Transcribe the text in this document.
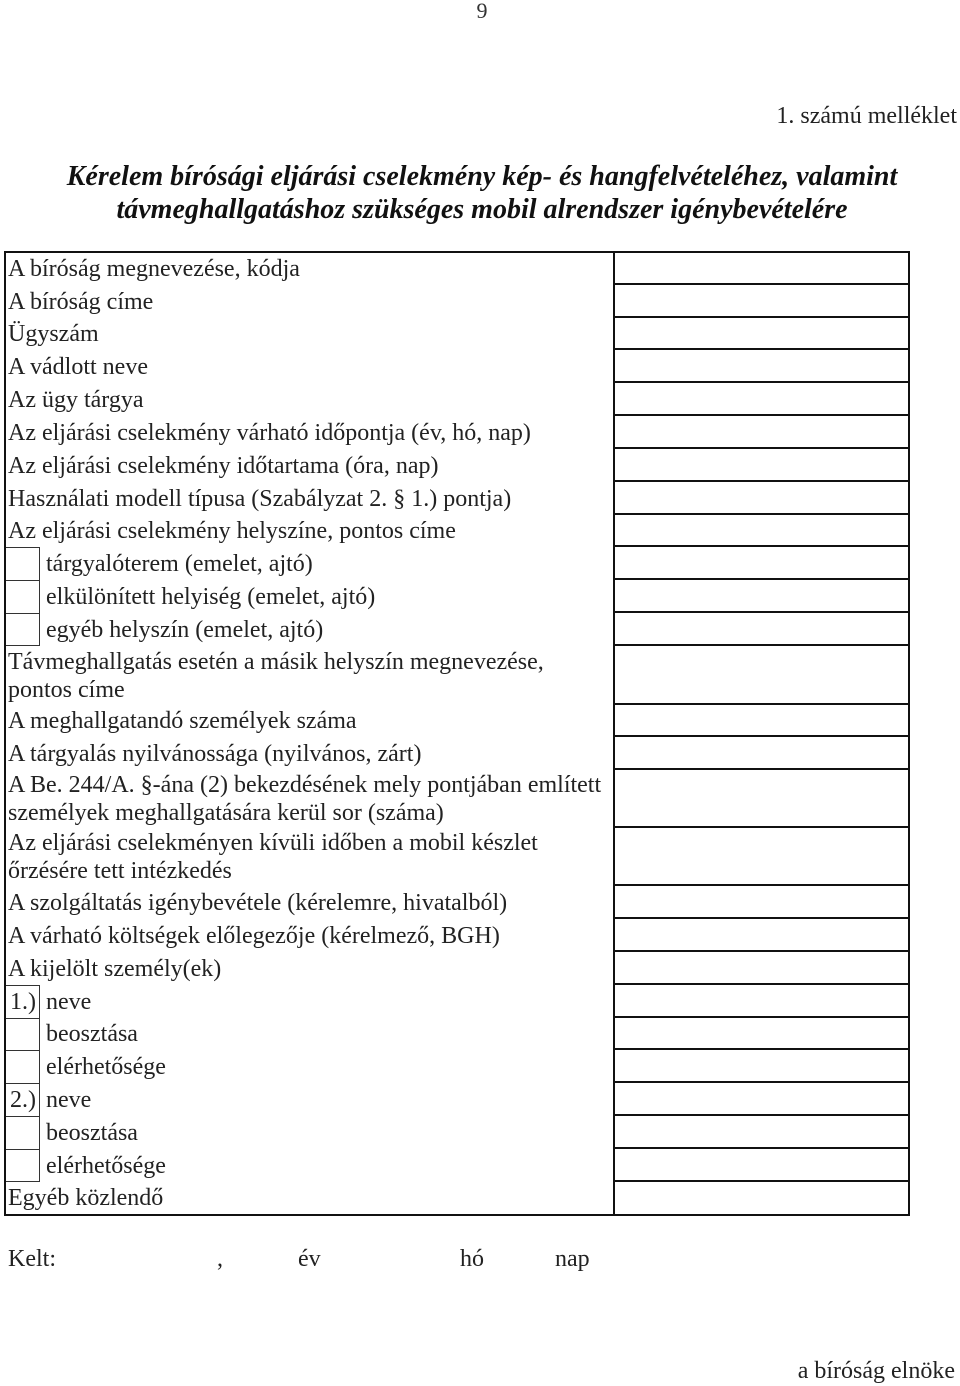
9
1. számú melléklet
Kérelem bírósági eljárási cselekmény kép- és hangfelvételéhez, valamint
távmeghallgatáshoz szükséges mobil alrendszer igénybevételére
A bíróság megnevezése, kódja
A bíróság címe
Ügyszám
A vádlott neve
Az ügy tárgya
Az eljárási cselekmény várható időpontja (év, hó, nap)
Az eljárási cselekmény időtartama (óra, nap)
Használati modell típusa (Szabályzat 2. § 1.) pontja)
Az eljárási cselekmény helyszíne, pontos címe
tárgyalóterem (emelet, ajtó)
elkülönített helyiség (emelet, ajtó)
egyéb helyszín (emelet, ajtó)
Távmeghallgatás esetén a másik helyszín megnevezése,
pontos címe
A meghallgatandó személyek száma
A tárgyalás nyilvánossága (nyilvános, zárt)
A Be. 244/A. §-ána (2) bekezdésének mely pontjában említett
személyek meghallgatására kerül sor (száma)
Az eljárási cselekményen kívüli időben a mobil készlet
őrzésére tett intézkedés
A szolgáltatás igénybevétele (kérelemre, hivatalból)
A várható költségek előlegezője (kérelmező, BGH)
A kijelölt személy(ek)
1.) neve
beosztása
elérhetősége
2.) neve
beosztása
elérhetősége
Egyéb közlendő
Kelt:	,	év	hó	nap
a bíróság elnöke
